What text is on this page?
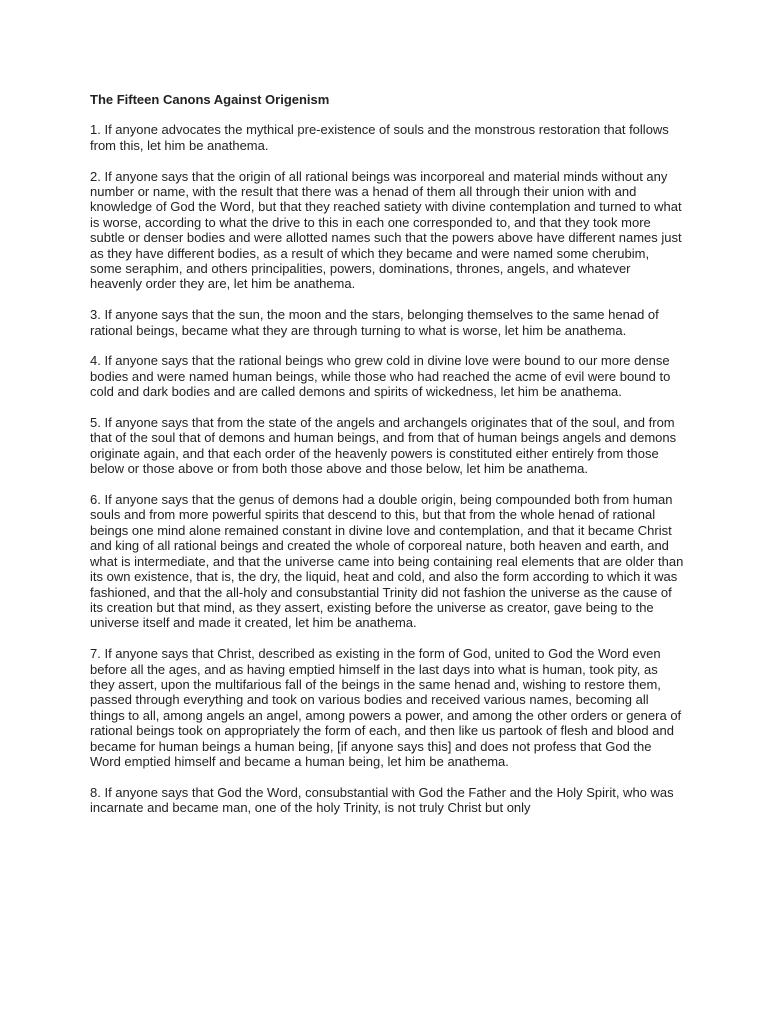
The Fifteen Canons Against Origenism
1. If anyone advocates the mythical pre-existence of souls and the monstrous restoration that follows from this, let him be anathema.
2. If anyone says that the origin of all rational beings was incorporeal and material minds without any number or name, with the result that there was a henad of them all through their union with and knowledge of God the Word, but that they reached satiety with divine contemplation and turned to what is worse, according to what the drive to this in each one corresponded to, and that they took more subtle or denser bodies and were allotted names such that the powers above have different names just as they have different bodies, as a result of which they became and were named some cherubim, some seraphim, and others principalities, powers, dominations, thrones, angels, and whatever heavenly order they are, let him be anathema.
3. If anyone says that the sun, the moon and the stars, belonging themselves to the same henad of rational beings, became what they are through turning to what is worse, let him be anathema.
4. If anyone says that the rational beings who grew cold in divine love were bound to our more dense bodies and were named human beings, while those who had reached the acme of evil were bound to cold and dark bodies and are called demons and spirits of wickedness, let him be anathema.
5. If anyone says that from the state of the angels and archangels originates that of the soul, and from that of the soul that of demons and human beings, and from that of human beings angels and demons originate again, and that each order of the heavenly powers is constituted either entirely from those below or those above or from both those above and those below, let him be anathema.
6. If anyone says that the genus of demons had a double origin, being compounded both from human souls and from more powerful spirits that descend to this, but that from the whole henad of rational beings one mind alone remained constant in divine love and contemplation, and that it became Christ and king of all rational beings and created the whole of corporeal nature, both heaven and earth, and what is intermediate, and that the universe came into being containing real elements that are older than its own existence, that is, the dry, the liquid, heat and cold, and also the form according to which it was fashioned, and that the all-holy and consubstantial Trinity did not fashion the universe as the cause of its creation but that mind, as they assert, existing before the universe as creator, gave being to the universe itself and made it created, let him be anathema.
7. If anyone says that Christ, described as existing in the form of God, united to God the Word even before all the ages, and as having emptied himself in the last days into what is human, took pity, as they assert, upon the multifarious fall of the beings in the same henad and, wishing to restore them, passed through everything and took on various bodies and received various names, becoming all things to all, among angels an angel, among powers a power, and among the other orders or genera of rational beings took on appropriately the form of each, and then like us partook of flesh and blood and became for human beings a human being, [if anyone says this] and does not profess that God the Word emptied himself and became a human being, let him be anathema.
8. If anyone says that God the Word, consubstantial with God the Father and the Holy Spirit, who was incarnate and became man, one of the holy Trinity, is not truly Christ but only
